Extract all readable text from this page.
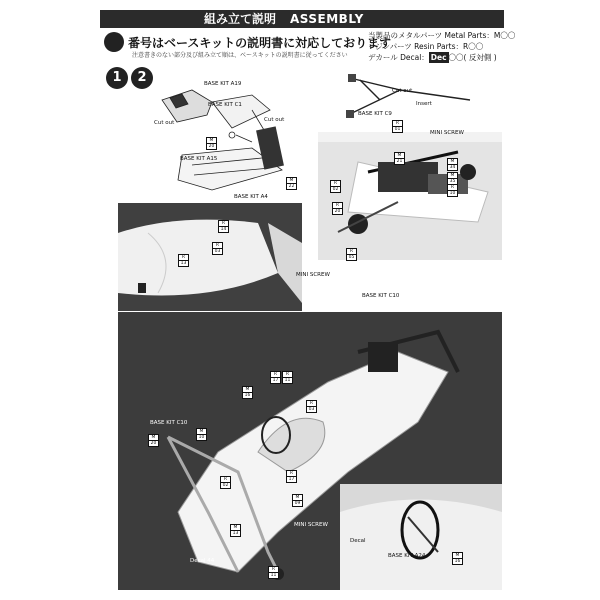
組み立て説明 ASSEMBLY
番号はベースキットの説明書に対応しております
注意書きのない部分及び組み立て順は、ベースキットの説明書に従ってください
当製品のメタルパーツ Metal Parts：M〇〇
レジンパーツ Resin Parts：R〇〇
デカール Decal： Dec 〇〇( 反対側 )
1	2	BASE KIT A19
BASE KIT C1
Cut out	Cut out
BASE KIT A15
BASE KIT A4
Cut out
Insert
BASE KIT C9
MINI SCREW
MINI SCREW
BASE KIT C10
BASE KIT C10
MINI SCREW
Decal 44
BASE KIT A24
Decal
M
20
M
22
M
21
R
01
M
34
M
35
R
10
R
02
R
20
R
05
R
14
R
03
R
13
R
17
R
11
M
16
R
03
M
10
R
17
R
02
M
09
M
13
M
16
R
11
M
20
